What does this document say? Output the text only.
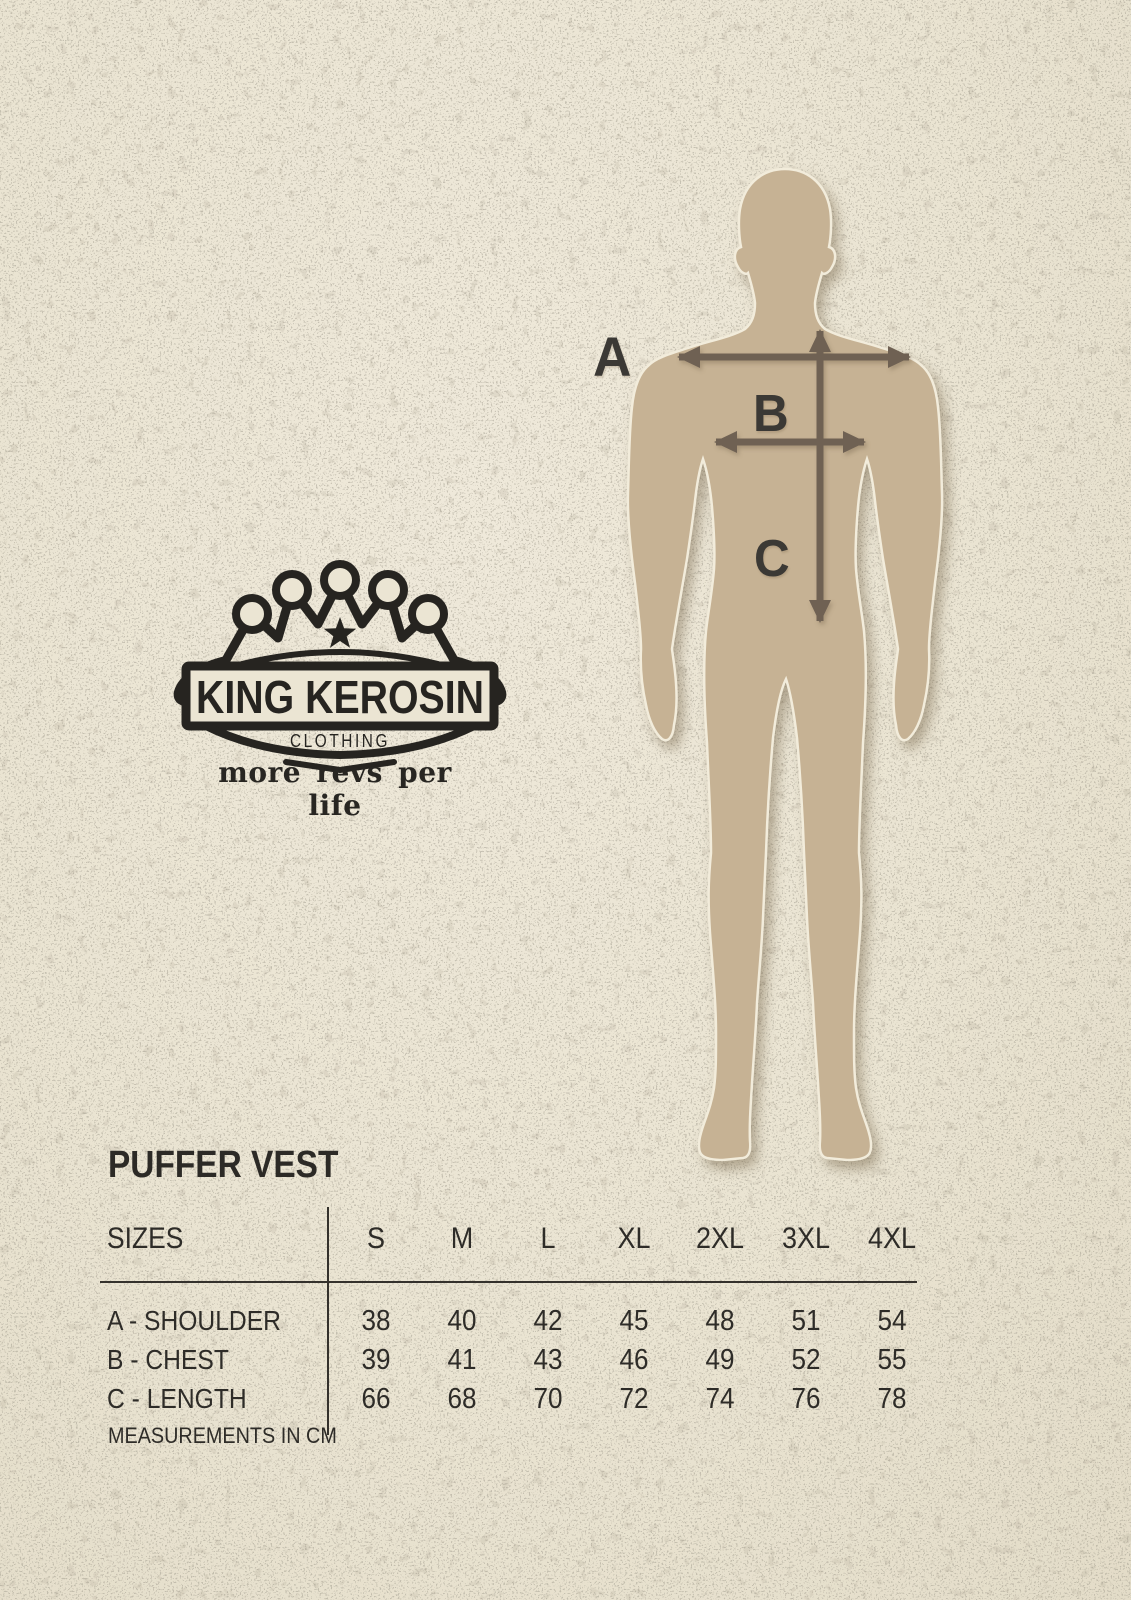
A
B
C
KING KEROSIN
CLOTHING
more revs per life
PUFFER VEST
SIZES	S	M	L	XL	2XL	3XL	4XL
A - SHOULDER	38	40	42	45	48	51	54
B - CHEST	39	41	43	46	49	52	55
C - LENGTH	66	68	70	72	74	76	78
MEASUREMENTS IN CM
